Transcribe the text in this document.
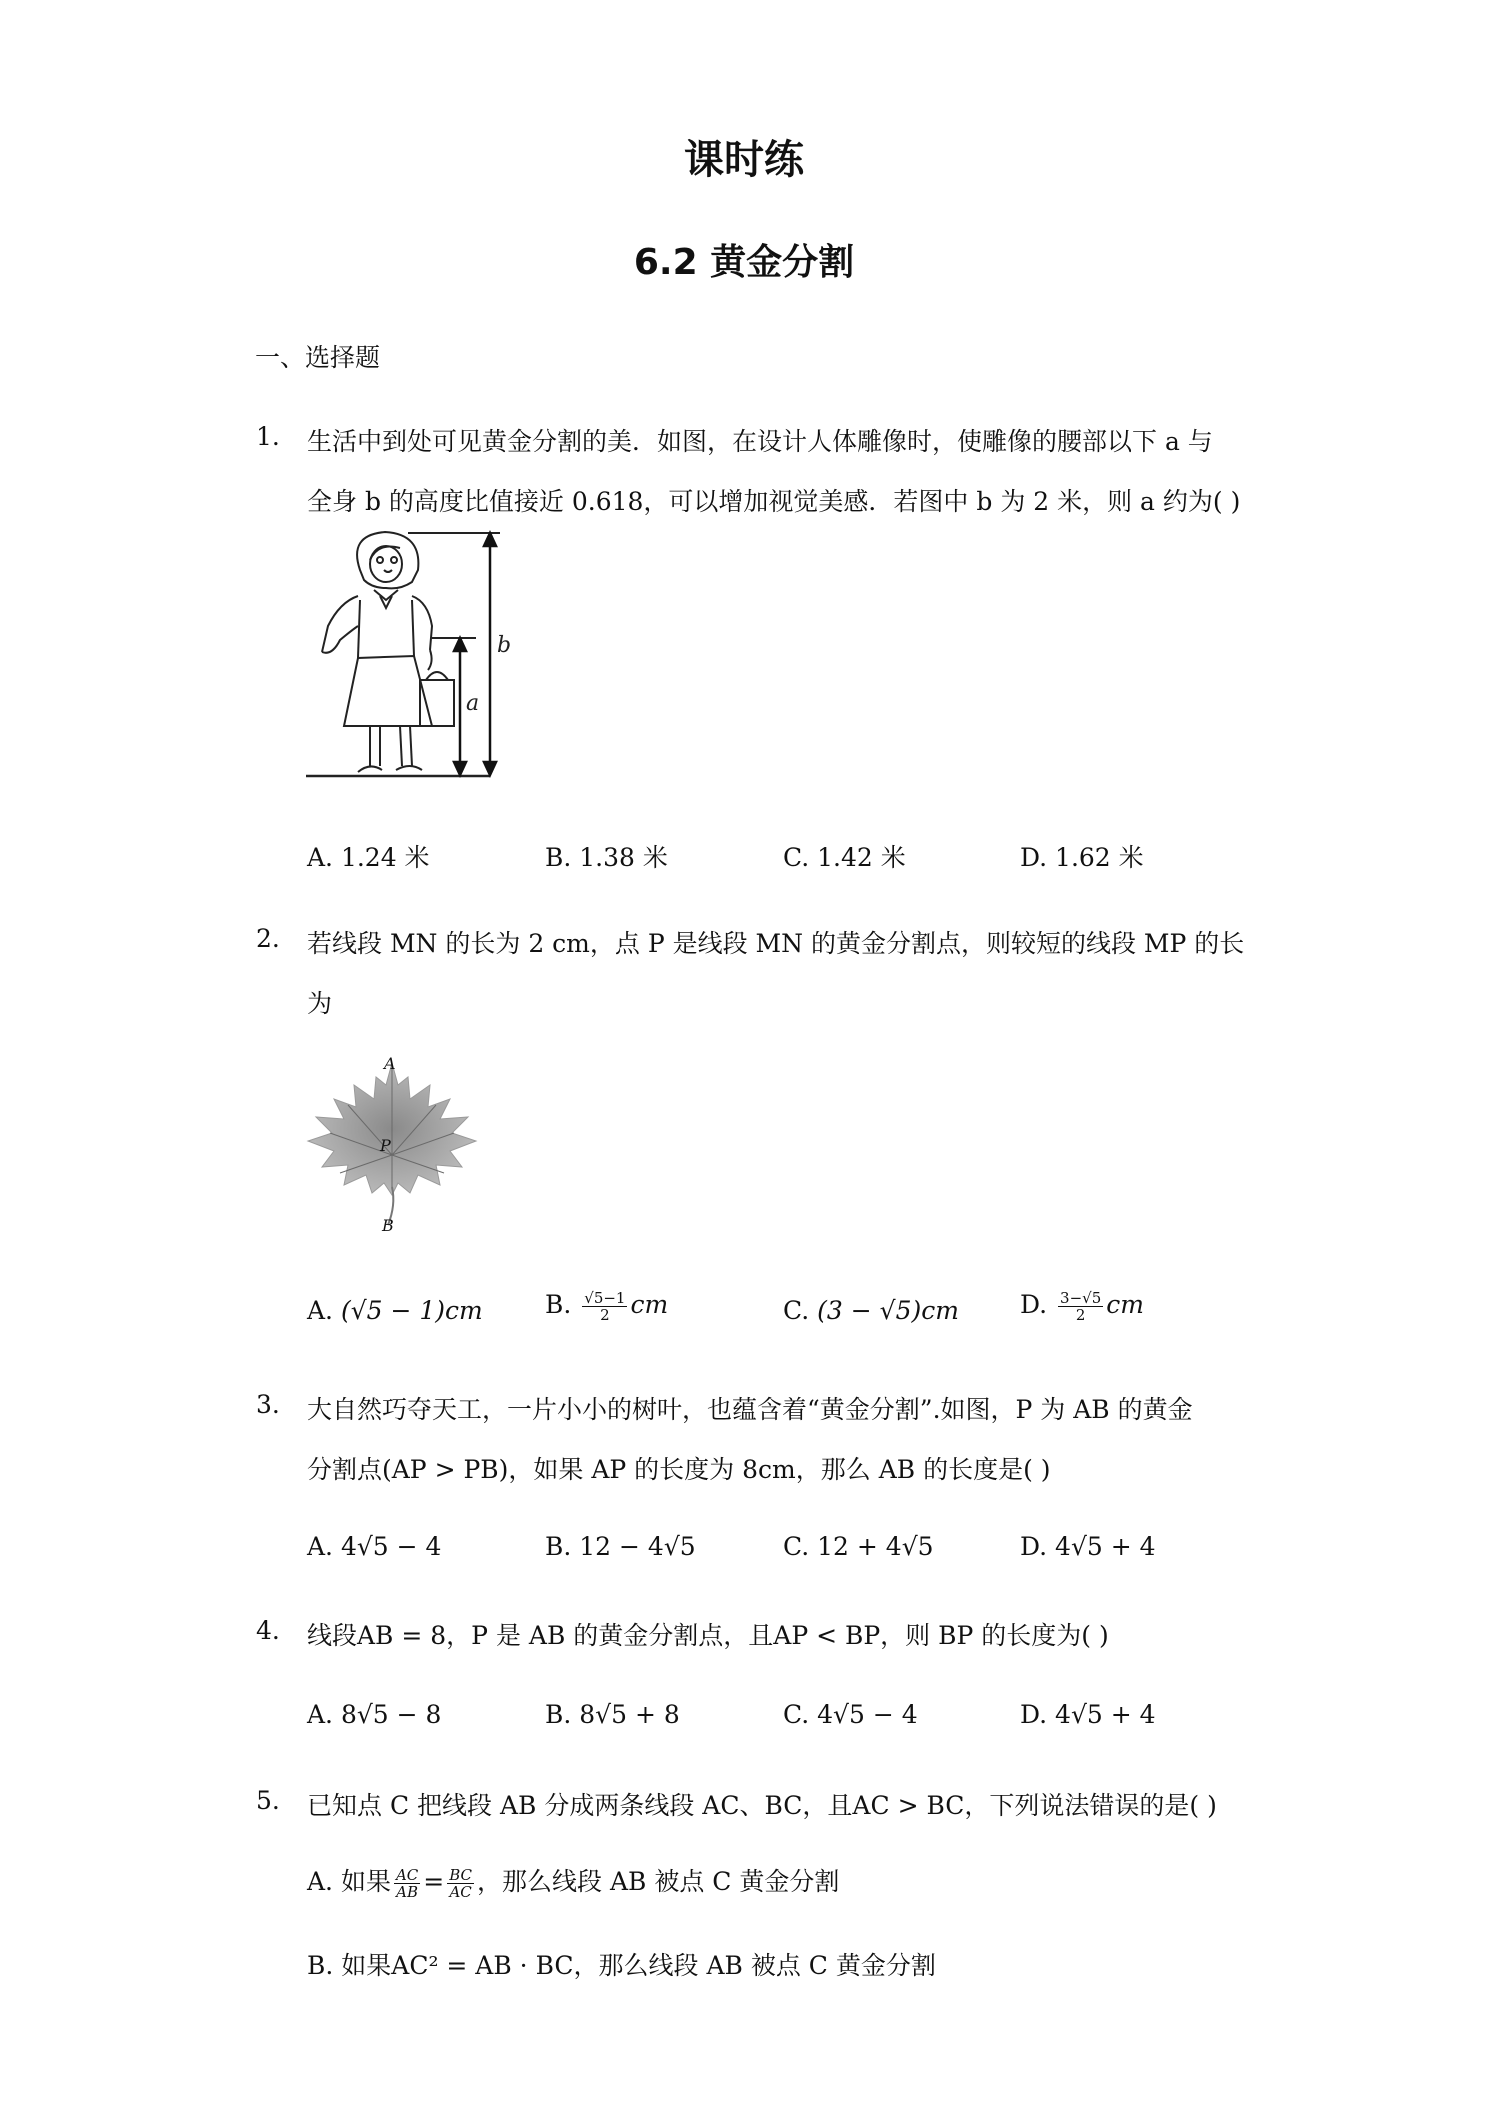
课时练
6.2 黄金分割
一、选择题
1. 生活中到处可见黄金分割的美．如图，在设计人体雕像时，使雕像的腰部以下 a 与
全身 b 的高度比值接近 0.618，可以增加视觉美感．若图中 b 为 2 米，则 a 约为( )
b
a
A. 1.24 米	B. 1.38 米	C. 1.42 米	D. 1.62 米
2. 若线段 MN 的长为 2 cm，点 P 是线段 MN 的黄金分割点，则较短的线段 MP 的长
为
A
P
B
A. (√5 − 1)cm B. $\frac{√5-1}{2}$ cm	C. (3 − √5)cm D. $\frac{3-√5}{2}$ cm
3. 大自然巧夺天工，一片小小的树叶，也蕴含着“黄金分割”.如图，P 为 AB 的黄金
分割点(AP > PB)，如果 AP 的长度为 8cm，那么 AB 的长度是( )
A. 4√5 − 4	B. 12 − 4√5	C. 12 + 4√5	D. 4√5 + 4
4. 线段AB = 8，P 是 AB 的黄金分割点，且AP < BP，则 BP 的长度为( )
A. 8√5 − 8	B. 8√5 + 8	C. 4√5 − 4	D. 4√5 + 4
5. 已知点 C 把线段 AB 分成两条线段 AC、BC，且AC > BC，下列说法错误的是( )
A. 如果 $\frac{AC}{AB} = \frac{BC}{AC}$ ，那么线段 AB 被点 C 黄金分割
B. 如果AC² = AB · BC，那么线段 AB 被点 C 黄金分割
